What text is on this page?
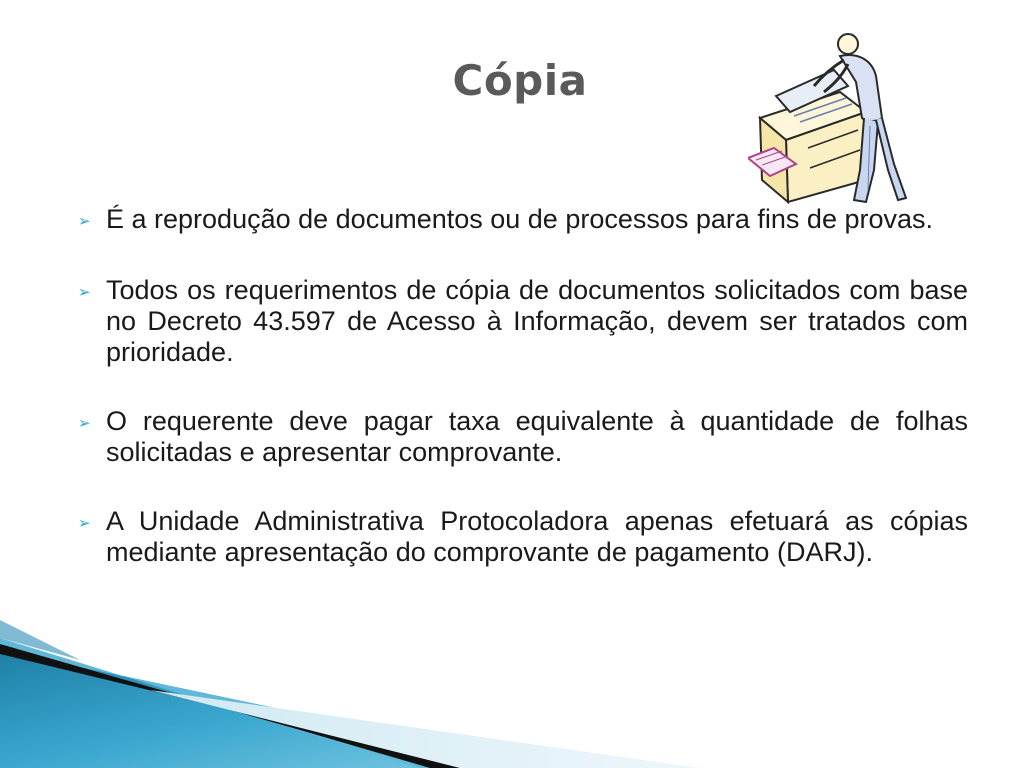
Cópia
➢ É a reprodução de documentos ou de processos para fins de provas.
➢ Todos os requerimentos de cópia de documentos solicitados com base no Decreto 43.597 de Acesso à Informação, devem ser tratados com prioridade.
➢ O requerente deve pagar taxa equivalente à quantidade de folhas solicitadas e apresentar comprovante.
➢ A Unidade Administrativa Protocoladora apenas efetuará as cópias mediante apresentação do comprovante de pagamento (DARJ).
